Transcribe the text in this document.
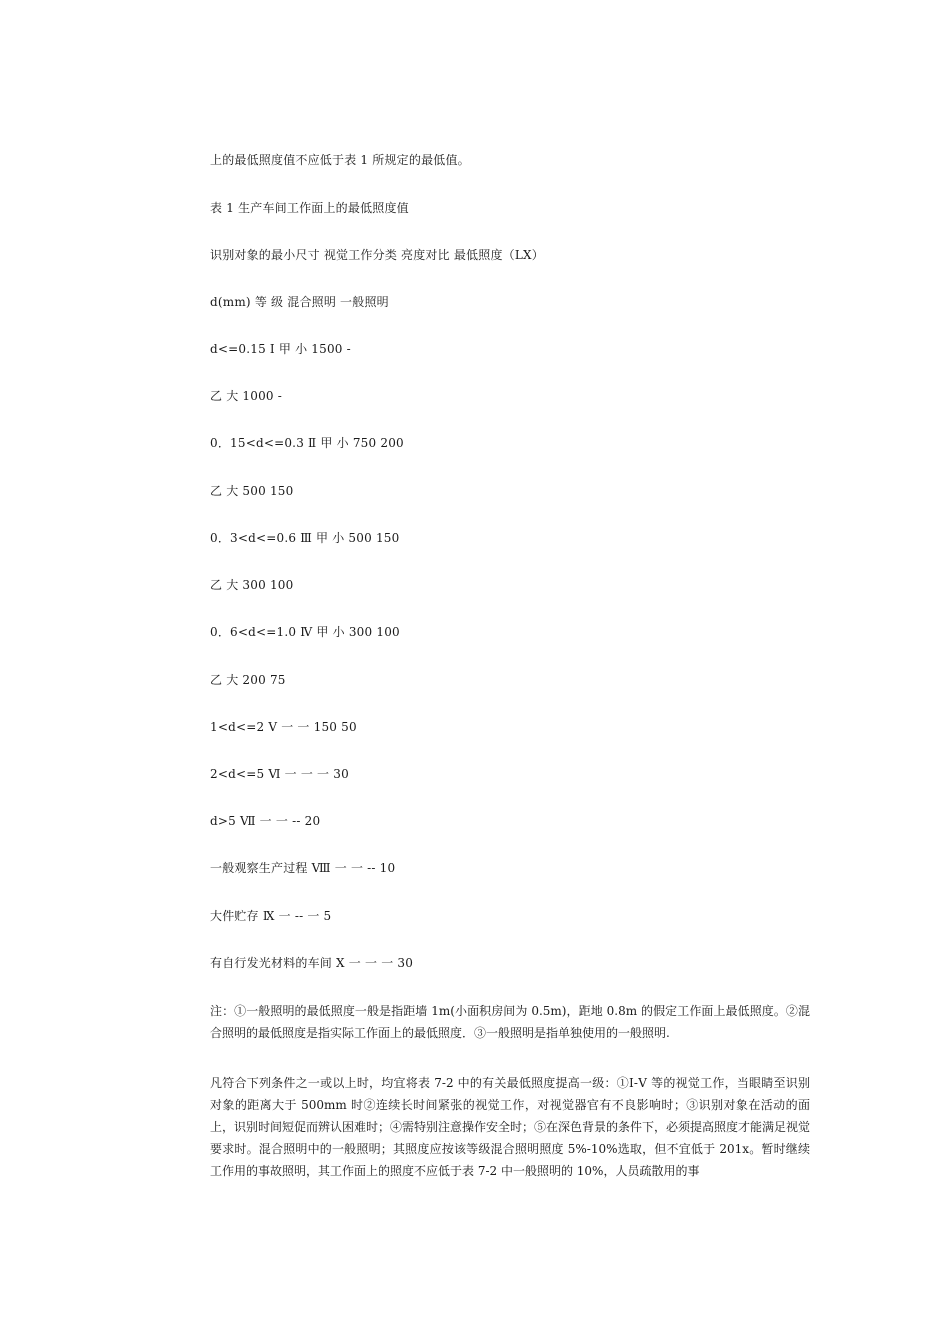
上的最低照度值不应低于表 1 所规定的最低值。
表 1 生产车间工作面上的最低照度值
识别对象的最小尺寸 视觉工作分类 亮度对比 最低照度（LX）
d(mm) 等 级 混合照明 一般照明
d<=0.15 Ⅰ 甲 小 1500 -
乙 大 1000 -
0．15<d<=0.3 Ⅱ 甲 小 750 200
乙 大 500 150
0．3<d<=0.6 Ⅲ 甲 小 500 150
乙 大 300 100
0．6<d<=1.0 Ⅳ 甲 小 300 100
乙 大 200 75
1<d<=2 Ⅴ 一 一 150 50
2<d<=5 Ⅵ 一 一 一 30
d>5 Ⅶ 一 一 -- 20
一般观察生产过程 Ⅷ 一 一 -- 10
大件贮存 Ⅸ 一 -- 一 5
有自行发光材料的车间 Ⅹ 一 一 一 30
注：①一般照明的最低照度一般是指距墙 1m(小面积房间为 0.5m)，距地 0.8m 的假定工作面上最低照度。②混合照明的最低照度是指实际工作面上的最低照度．③一般照明是指单独使用的一般照明.
凡符合下列条件之一或以上时，均宜将表 7-2 中的有关最低照度提高一级：①Ⅰ-Ⅴ 等的视觉工作，当眼睛至识别对象的距离大于 500mm 时②连续长时间紧张的视觉工作，对视觉器官有不良影响时；③识别对象在活动的面上，识别时间短促而辨认困难时；④需特别注意操作安全时；⑤在深色背景的条件下，必须提高照度才能满足视觉要求时。混合照明中的一般照明；其照度应按该等级混合照明照度 5%-10%选取，但不宜低于 201x。暂时继续工作用的事故照明，其工作面上的照度不应低于表 7-2 中一般照明的 10%，人员疏散用的事
